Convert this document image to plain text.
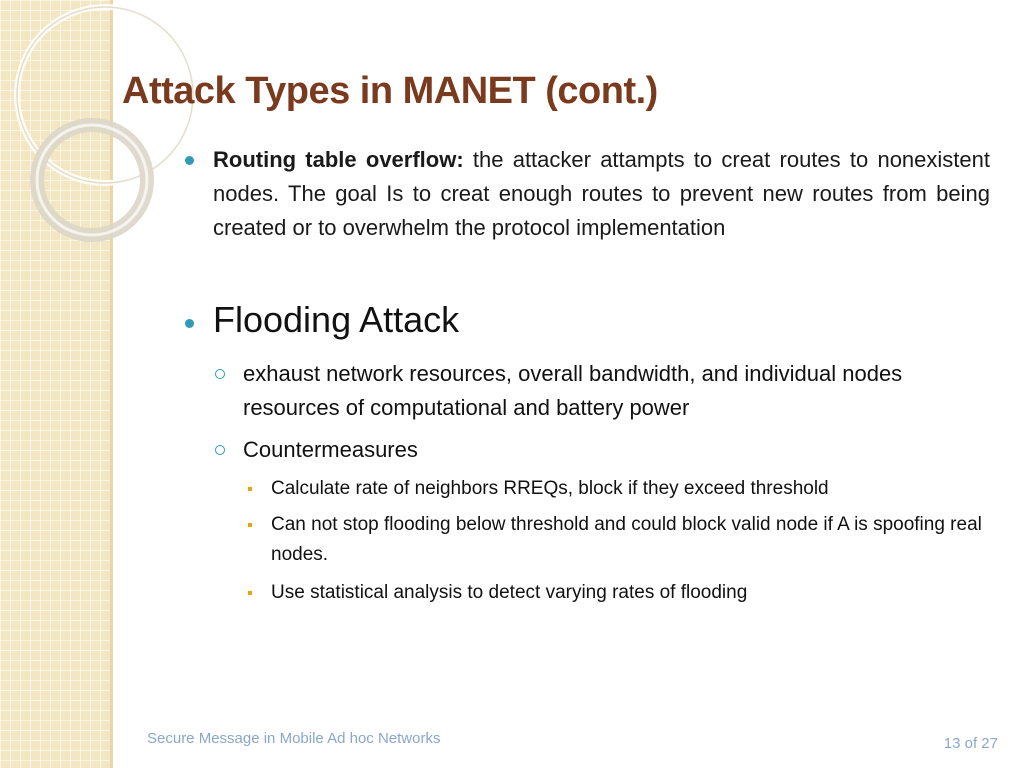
Attack Types in MANET (cont.)

Routing table overflow: the attacker attampts to creat routes to nonexistent nodes. The goal Is to creat enough routes to prevent new routes from being created or to overwhelm the protocol implementation

Flooding Attack

exhaust network resources, overall bandwidth, and individual nodes resources of computational and battery power
Countermeasures
Calculate rate of neighbors RREQs, block if they exceed threshold
Can not stop flooding below threshold and could block valid node if A is spoofing real nodes.
Use statistical analysis to detect varying rates of flooding
Secure Message in Mobile Ad hoc Networks	13 of 27
